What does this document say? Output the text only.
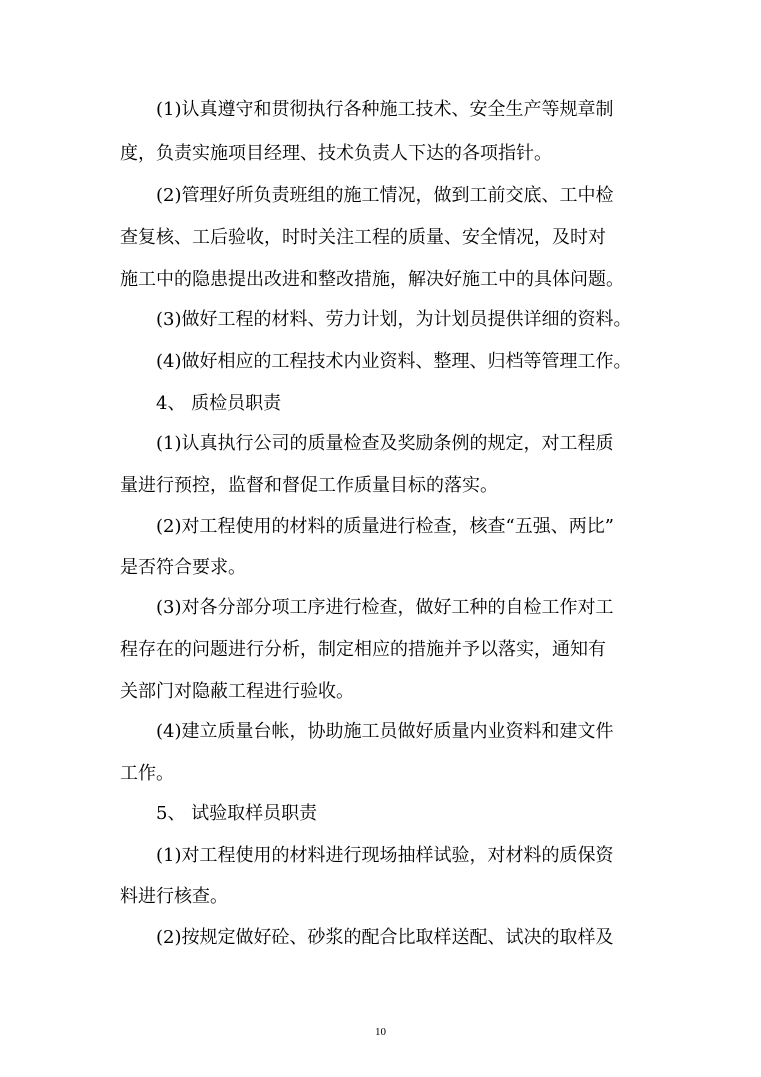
(1)认真遵守和贯彻执行各种施工技术、安全生产等规章制
度，负责实施项目经理、技术负责人下达的各项指针。
(2)管理好所负责班组的施工情况，做到工前交底、工中检
查复核、工后验收，时时关注工程的质量、安全情况，及时对
施工中的隐患提出改进和整改措施，解决好施工中的具体问题。
(3)做好工程的材料、劳力计划，为计划员提供详细的资料。
(4)做好相应的工程技术内业资料、整理、归档等管理工作。
4、 质检员职责
(1)认真执行公司的质量检查及奖励条例的规定，对工程质
量进行预控，监督和督促工作质量目标的落实。
(2)对工程使用的材料的质量进行检查，核查“五强、两比”
是否符合要求。
(3)对各分部分项工序进行检查，做好工种的自检工作对工
程存在的问题进行分析，制定相应的措施并予以落实，通知有
关部门对隐蔽工程进行验收。
(4)建立质量台帐，协助施工员做好质量内业资料和建文件
工作。
5、 试验取样员职责
(1)对工程使用的材料进行现场抽样试验，对材料的质保资
料进行核查。
(2)按规定做好砼、砂浆的配合比取样送配、试决的取样及
10
